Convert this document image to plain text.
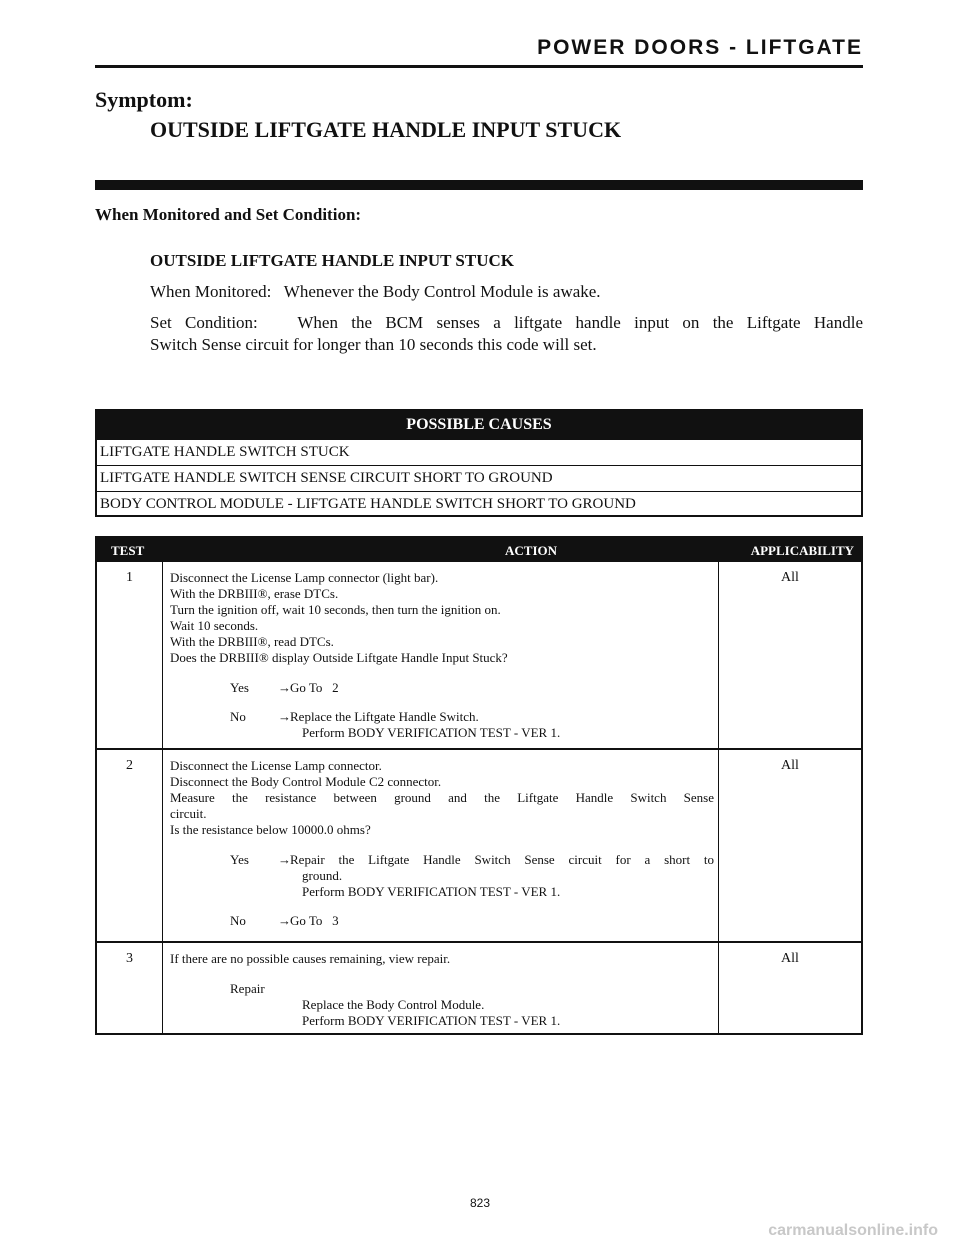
POWER DOORS - LIFTGATE
Symptom:
OUTSIDE LIFTGATE HANDLE INPUT STUCK
When Monitored and Set Condition:
OUTSIDE LIFTGATE HANDLE INPUT STUCK
When Monitored:   Whenever the Body Control Module is awake.
Set Condition:   When the BCM senses a liftgate handle input on the Liftgate Handle
Switch Sense circuit for longer than 10 seconds this code will set.
POSSIBLE CAUSES
LIFTGATE HANDLE SWITCH STUCK
LIFTGATE HANDLE SWITCH SENSE CIRCUIT SHORT TO GROUND
BODY CONTROL MODULE - LIFTGATE HANDLE SWITCH SHORT TO GROUND
TEST	ACTION	APPLICABILITY
1	Disconnect the License Lamp connector (light bar).
With the DRBIII®, erase DTCs.
Turn the ignition off, wait 10 seconds, then turn the ignition on.
Wait 10 seconds.
With the DRBIII®, read DTCs.
Does the DRBIII® display Outside Liftgate Handle Input Stuck?
Yes → Go To   2
No → Replace the Liftgate Handle Switch.
Perform BODY VERIFICATION TEST - VER 1.
All
2	Disconnect the License Lamp connector.
Disconnect the Body Control Module C2 connector.
Measure the resistance between ground and the Liftgate Handle Switch Sense
circuit.
Is the resistance below 10000.0 ohms?
Yes → Repair the Liftgate Handle Switch Sense circuit for a short to
ground.
Perform BODY VERIFICATION TEST - VER 1.
No → Go To   3
All
3	If there are no possible causes remaining, view repair.
Repair
Replace the Body Control Module.
Perform BODY VERIFICATION TEST - VER 1.
All
823
carmanualsonline.info
